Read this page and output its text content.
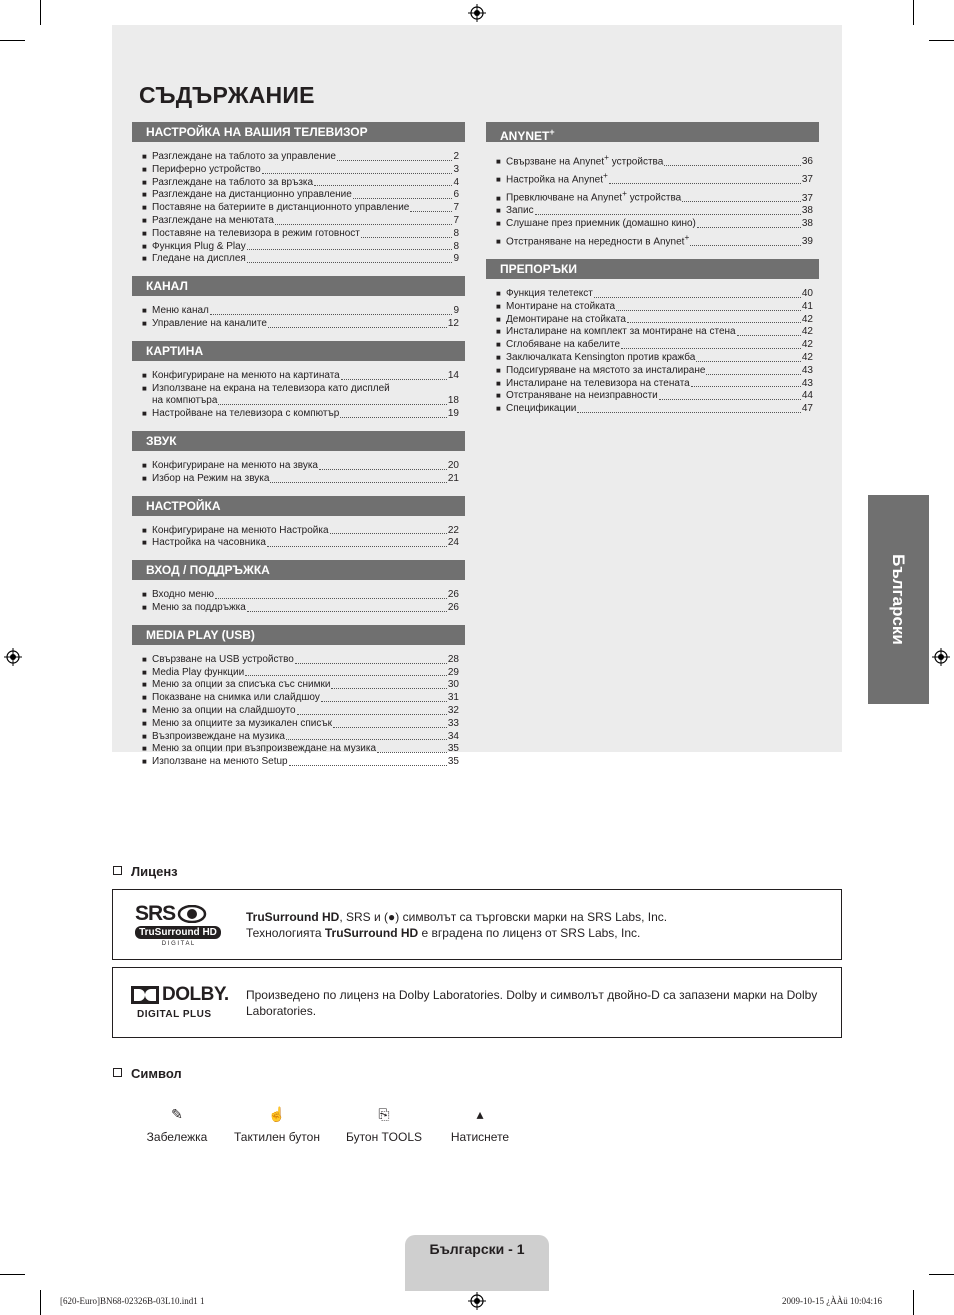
СЪДЪРЖАНИЕ
НАСТРОЙКА НА ВАШИЯ ТЕЛЕВИЗОР
■ Разглеждане на таблото за управление	2
■ Периферно устройство	3
■ Разглеждане на таблото за връзка	4
■ Разглеждане на дистанционно управление	6
■ Поставяне на батериите в дистанционното управление	7
■ Разглеждане на менютата	7
■ Поставяне на телевизора в режим готовност	8
■ Функция Plug & Play	8
■ Гледане на дисплея	9
КАНАЛ
■ Меню канал	9
■ Управление на каналите	12
КАРТИНА
■ Конфигуриране на менюто на картината	14
■ Използване на екрана на телевизора като дисплей
на компютъра	18
■ Настройване на телевизора с компютър	19
ЗВУК
■ Конфигуриране на менюто на звука	20
■ Избор на Режим на звука	21
НАСТРОЙКА
■ Конфигуриране на менюто Настройка	22
■ Настройка на часовника	24
ВХОД / ПОДДРЪЖКА
■ Входно меню	26
■ Меню за поддръжка	26
MEDIA PLAY (USB)
■ Свързване на USB устройство	28
■ Media Play функции	29
■ Меню за опции за списъка със снимки	30
■ Показване на снимка или слайдшоу	31
■ Меню за опции на слайдшоуто	32
■ Меню за опциите за музикален списък	33
■ Възпроизвеждане на музика	34
■ Меню за опции при възпроизвеждане на музика	35
■ Използване на менюто Setup	35
ANYNET+
■ Свързване на Anynet+ устройства	36
■ Настройка на Anynet+	37
■ Превключване на Anynet+ устройства	37
■ Запис	38
■ Слушане през приемник (домашно кино)	38
■ Отстраняване на нередности в Anynet+	39
ПРЕПОРЪКИ
■ Функция телетекст	40
■ Монтиране на стойката	41
■ Демонтиране на стойката	42
■ Инсталиране на комплект за монтиране на стена	42
■ Сглобяване на кабелите	42
■ Заключалката Kensington против кражба	42
■ Подсигуряване на мястото за инсталиране	43
■ Инсталиране на телевизора на стената	43
■ Отстраняване на неизправности	44
■ Спецификации	47
Български
Лиценз
SRS
TruSurround HD
D I G I T A L
TruSurround HD, SRS и (●) символът са търговски марки на SRS Labs, Inc.
Технологията TruSurround HD е вградена по лиценз от SRS Labs, Inc.
DOLBY.
DIGITAL PLUS
Произведено по лиценз на Dolby Laboratories. Dolby и символът двойно-D са запазени марки на Dolby Laboratories.
Символ
✎
Забележка
☝
Тактилен бутон
⎘
Бутон TOOLS
▴
Натиснете
Български - 1
[620-Euro]BN68-02326B-03L10.ind1 1	2009-10-15 ¿ÀÀü 10:04:16
